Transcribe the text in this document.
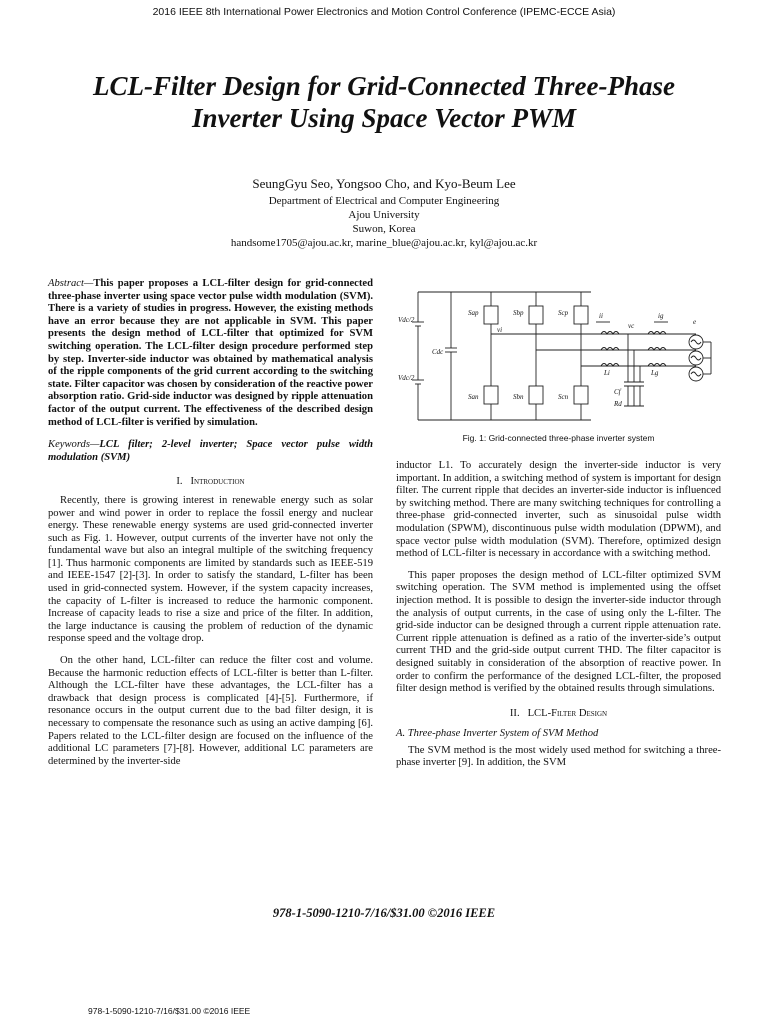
2016 IEEE 8th International Power Electronics and Motion Control Conference (IPEMC-ECCE Asia)
LCL-Filter Design for Grid-Connected Three-Phase
Inverter Using Space Vector PWM
SeungGyu Seo, Yongsoo Cho, and Kyo-Beum Lee
Department of Electrical and Computer Engineering
Ajou University
Suwon, Korea
handsome1705@ajou.ac.kr, marine_blue@ajou.ac.kr, kyl@ajou.ac.kr
Abstract—This paper proposes a LCL-filter design for grid-connected three-phase inverter using space vector pulse width modulation (SVM). There is a variety of studies in progress. However, the existing methods have an error because they are not applicable in SVM. This paper presents the design method of LCL-filter that optimized for SVM switching operation. The LCL-filter design procedure performed step by step. Inverter-side inductor was obtained by mathematical analysis of the ripple components of the grid current according to the switching state. Filter capacitor was chosen by consideration of the reactive power absorption ratio. Grid-side inductor was designed by ripple attenuation factor of the output current. The effectiveness of the described design method of LCL-filter is verified by simulation.
Keywords—LCL filter; 2-level inverter; Space vector pulse width modulation (SVM)
I. Introduction

Recently, there is growing interest in renewable energy such as solar power and wind power in order to replace the fossil energy and nuclear energy. These renewable energy systems are used grid-connected inverter such as Fig. 1. However, output currents of the inverter have not only the fundamental wave but also an integral multiple of the switching frequency [1]. Thus harmonic components are limited by standards such as IEEE-519 and IEEE-1547 [2]-[3]. In order to satisfy the standard, L-filter has been used in grid-connected system. However, if the system capacity increases, the capacity of L-filter is increased to reduce the harmonic component. Increase of capacity leads to rise a size and price of the filter. In addition, the large inductance is causing the problem of reduction of the dynamic response speed and the voltage drop.

On the other hand, LCL-filter can reduce the filter cost and volume. Because the harmonic reduction effects of LCL-filter is better than L-filter. Although the LCL-filter have these advantages, the LCL-filter has a drawback that design process is complicated [4]-[5]. Furthermore, if resonance occurs in the output current due to the bad filter design, it is necessary to compensate the resonance such as using an active damping [6]. Papers related to the LCL-filter design are focused on the influence of the additional LC parameters [7]-[8]. However, additional LC parameters are determined by the inverter-side

Vdc/2
Vdc/2
Cdc
Sap	Sbp	Scp
San	Sbn	Scn
vi
ii
vc
ig
e
Li	Lg
Cf
Rd
Fig. 1: Grid-connected three-phase inverter system

inductor L1. To accurately design the inverter-side inductor is very important. In addition, a switching method of system is important for design filter. The current ripple that decides an inverter-side inductor is influenced by switching method. There are many switching techniques for controlling a three-phase grid-connected inverter, such as sinusoidal pulse width modulation (SPWM), discontinuous pulse width modulation (DPWM), and space vector pulse width modulation (SVM). Therefore, optimized design method of LCL-filter is necessary in accordance with a switching method.

This paper proposes the design method of LCL-filter optimized SVM switching operation. The SVM method is implemented using the offset injection method. It is possible to design the inverter-side inductor through the analysis of output currents, in the case of using only the L-filter. The grid-side inductor can be designed through a current ripple attenuation rate. Current ripple attenuation is defined as a ratio of the inverter-side’s output current THD and the grid-side output current THD. The filter capacitor is designed suitably in consideration of the absorption of reactive power. In order to confirm the performance of the designed LCL-filter, the proposed filter design method is verified by the obtained results through simulations.

II. LCL-Filter Design
A. Three-phase Inverter System of SVM Method

The SVM method is the most widely used method for switching a three-phase inverter [9]. In addition, the SVM

978-1-5090-1210-7/16/$31.00 ©2016 IEEE
978-1-5090-1210-7/16/$31.00 ©2016 IEEE
